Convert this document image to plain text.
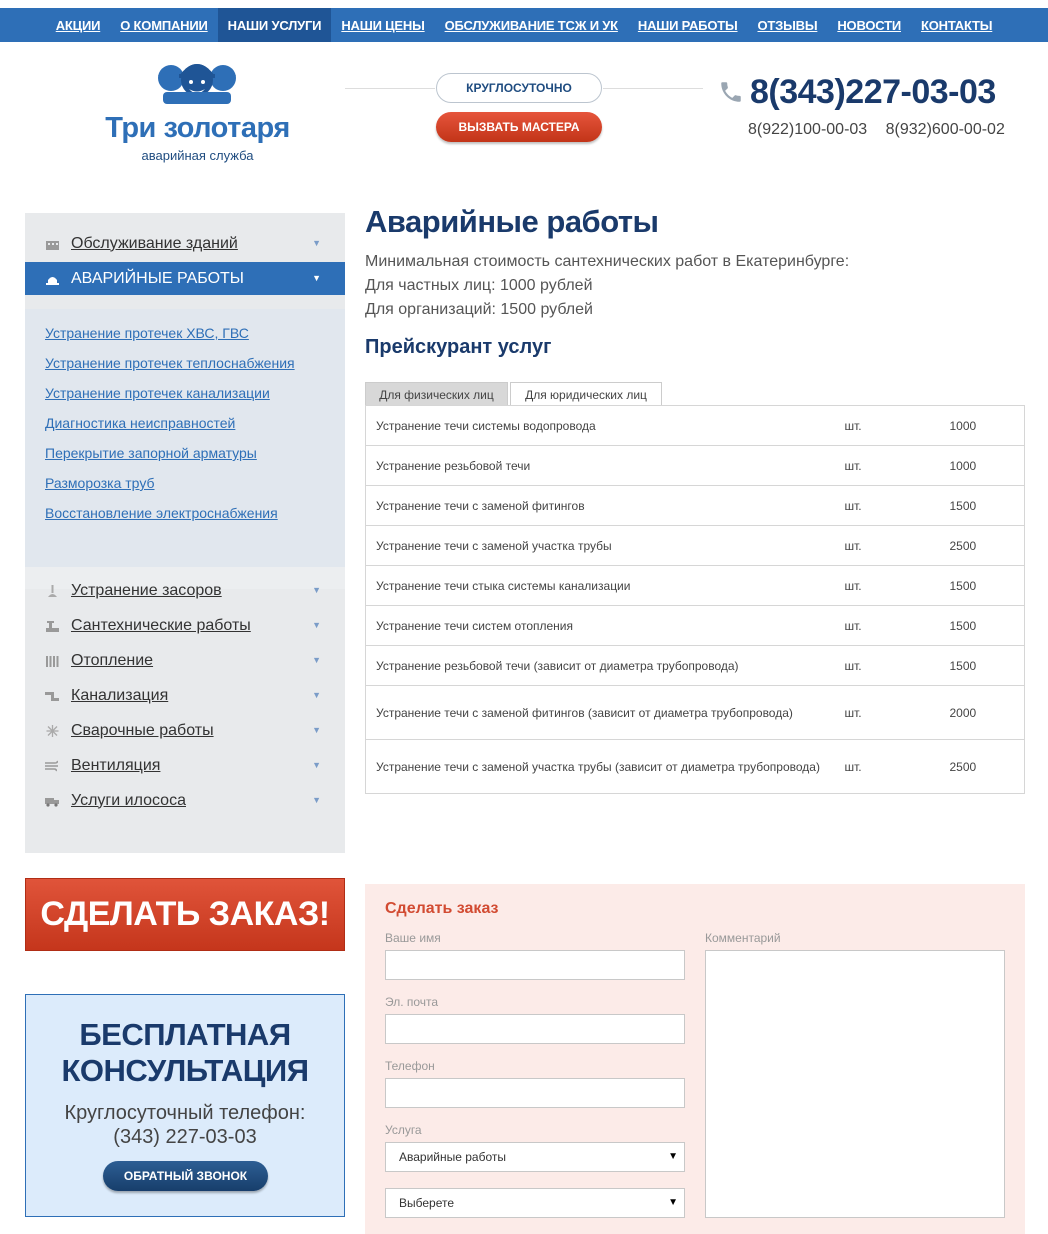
АКЦИИ	О КОМПАНИИ	НАШИ УСЛУГИ	НАШИ ЦЕНЫ	ОБСЛУЖИВАНИЕ ТСЖ И УК	НАШИ РАБОТЫ	ОТЗЫВЫ	НОВОСТИ	КОНТАКТЫ
Три золотаря
аварийная служба
КРУГЛОСУТОЧНО
ВЫЗВАТЬ МАСТЕРА
8(343)227-03-03
8(922)100-00-03 8(932)600-00-02
Обслуживание зданий	▼
АВАРИЙНЫЕ РАБОТЫ	▼
Устранение протечек ХВС, ГВС
Устранение протечек теплоснабжения
Устранение протечек канализации
Диагностика неисправностей
Перекрытие запорной арматуры
Разморозка труб
Восстановление электроснабжения
Устранение засоров	▼
Сантехнические работы	▼
Отопление	▼
Канализация	▼
Сварочные работы	▼
Вентиляция	▼
Услуги илососа	▼
Аварийные работы

Минимальная стоимость сантехнических работ в Екатеринбурге:

Для частных лиц: 1000 рублей

Для организаций: 1500 рублей

Прейскурант услуг
Для физических лиц	Для юридических лиц
Устранение течи системы водопровода	шт.	1000
Устранение резьбовой течи	шт.	1000
Устранение течи с заменой фитингов	шт.	1500
Устранение течи с заменой участка трубы	шт.	2500
Устранение течи стыка системы канализации	шт.	1500
Устранение течи систем отопления	шт.	1500
Устранение резьбовой течи (зависит от диаметра трубопровода)	шт.	1500
Устранение течи с заменой фитингов (зависит от диаметра трубопровода)	шт.	2000
Устранение течи с заменой участка трубы (зависит от диаметра трубопровода)	шт.	2500
СДЕЛАТЬ ЗАКАЗ!
БЕСПЛАТНАЯ
КОНСУЛЬТАЦИЯ
Круглосуточный телефон:
(343) 227-03-03
ОБРАТНЫЙ ЗВОНОК
Сделать заказ
Ваше имя
Эл. почта
Телефон
Услуга
Аварийные работы	▼
Выберете	▼
Комментарий
